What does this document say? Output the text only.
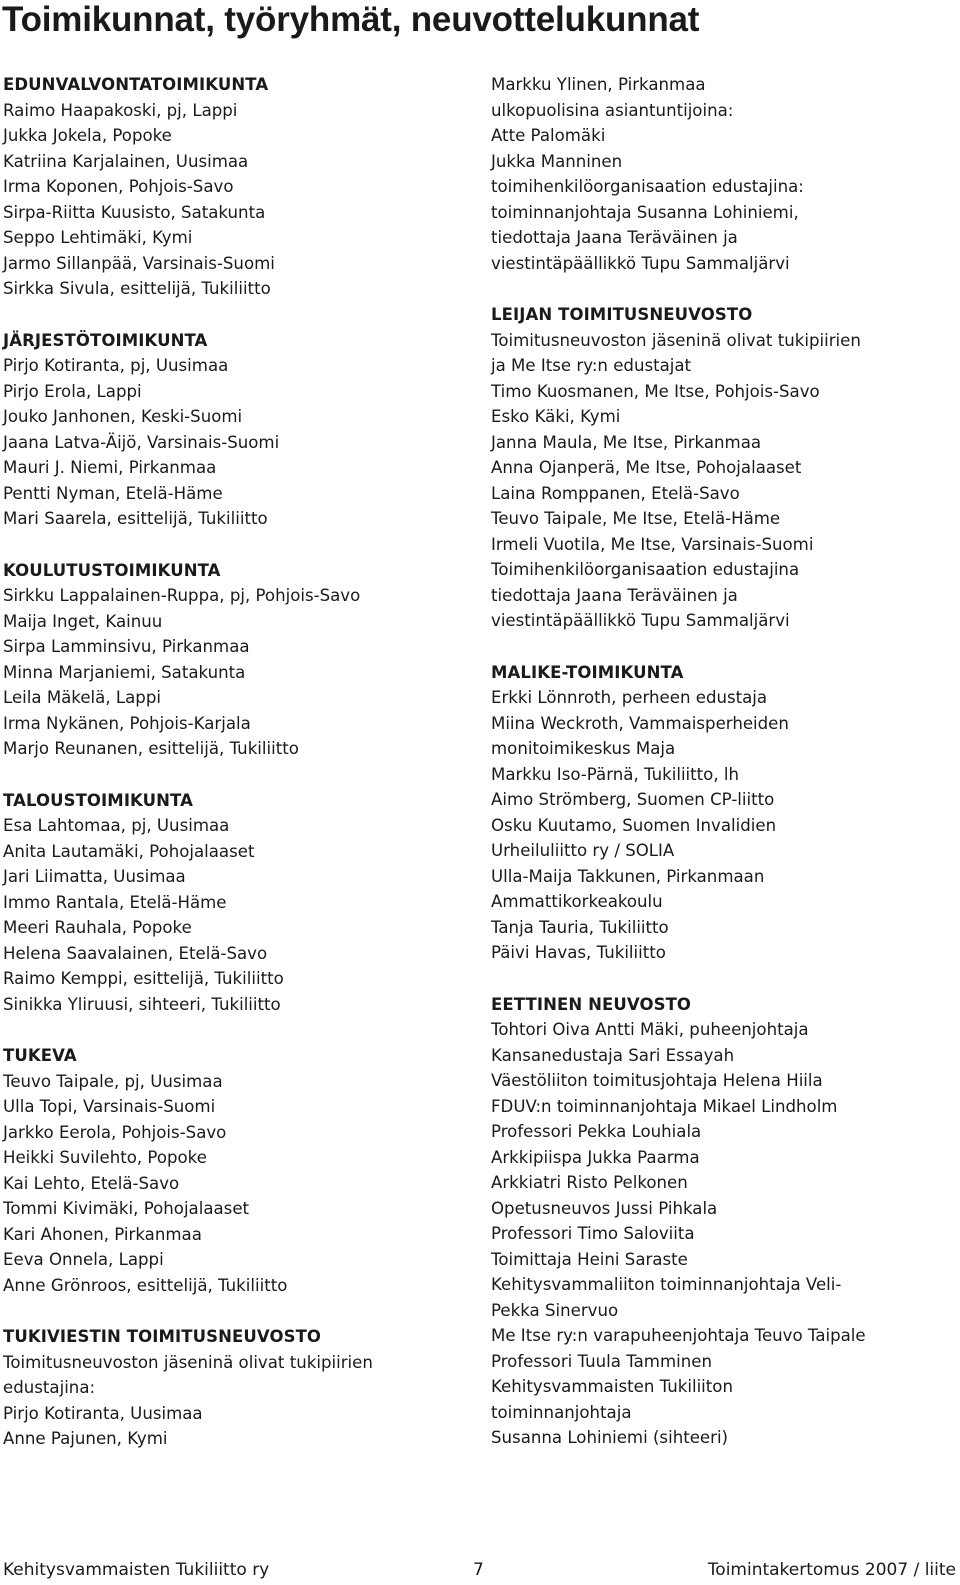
Toimikunnat, työryhmät, neuvottelukunnat
EDUNVALVONTATOIMIKUNTA
Raimo Haapakoski, pj, Lappi
Jukka Jokela, Popoke
Katriina Karjalainen, Uusimaa
Irma Koponen, Pohjois-Savo
Sirpa-Riitta Kuusisto, Satakunta
Seppo Lehtimäki, Kymi
Jarmo Sillanpää, Varsinais-Suomi
Sirkka Sivula, esittelijä, Tukiliitto
JÄRJESTÖTOIMIKUNTA
Pirjo Kotiranta, pj, Uusimaa
Pirjo Erola, Lappi
Jouko Janhonen, Keski-Suomi
Jaana Latva-Äijö, Varsinais-Suomi
Mauri J. Niemi, Pirkanmaa
Pentti Nyman, Etelä-Häme
Mari Saarela, esittelijä, Tukiliitto
KOULUTUSTOIMIKUNTA
Sirkku Lappalainen-Ruppa, pj, Pohjois-Savo
Maija Inget, Kainuu
Sirpa Lamminsivu, Pirkanmaa
Minna Marjaniemi, Satakunta
Leila Mäkelä, Lappi
Irma Nykänen, Pohjois-Karjala
Marjo Reunanen, esittelijä, Tukiliitto
TALOUSTOIMIKUNTA
Esa Lahtomaa, pj, Uusimaa
Anita Lautamäki, Pohojalaaset
Jari Liimatta, Uusimaa
Immo Rantala, Etelä-Häme
Meeri Rauhala, Popoke
Helena Saavalainen, Etelä-Savo
Raimo Kemppi, esittelijä, Tukiliitto
Sinikka Yliruusi, sihteeri, Tukiliitto
TUKEVA
Teuvo Taipale, pj, Uusimaa
Ulla Topi, Varsinais-Suomi
Jarkko Eerola, Pohjois-Savo
Heikki Suvilehto, Popoke
Kai Lehto, Etelä-Savo
Tommi Kivimäki, Pohojalaaset
Kari Ahonen, Pirkanmaa
Eeva Onnela, Lappi
Anne Grönroos, esittelijä, Tukiliitto
TUKIVIESTIN TOIMITUSNEUVOSTO
Toimitusneuvoston jäseninä olivat tukipiirien
edustajina:
Pirjo Kotiranta, Uusimaa
Anne Pajunen, Kymi
Markku Ylinen, Pirkanmaa
ulkopuolisina asiantuntijoina:
Atte Palomäki
Jukka Manninen
toimihenkilöorganisaation edustajina:
toiminnanjohtaja Susanna Lohiniemi,
tiedottaja Jaana Teräväinen ja
viestintäpäällikkö Tupu Sammaljärvi
LEIJAN TOIMITUSNEUVOSTO
Toimitusneuvoston jäseninä olivat tukipiirien
ja Me Itse ry:n edustajat
Timo Kuosmanen, Me Itse, Pohjois-Savo
Esko Käki, Kymi
Janna Maula, Me Itse, Pirkanmaa
Anna Ojanperä, Me Itse, Pohojalaaset
Laina Romppanen, Etelä-Savo
Teuvo Taipale, Me Itse, Etelä-Häme
Irmeli Vuotila, Me Itse, Varsinais-Suomi
Toimihenkilöorganisaation edustajina
tiedottaja Jaana Teräväinen ja
viestintäpäällikkö Tupu Sammaljärvi
MALIKE-TOIMIKUNTA
Erkki Lönnroth, perheen edustaja
Miina Weckroth, Vammaisperheiden
monitoimikeskus Maja
Markku Iso-Pärnä, Tukiliitto, lh
Aimo Strömberg, Suomen CP-liitto
Osku Kuutamo, Suomen Invalidien
Urheiluliitto ry / SOLIA
Ulla-Maija Takkunen, Pirkanmaan
Ammattikorkeakoulu
Tanja Tauria, Tukiliitto
Päivi Havas, Tukiliitto
EETTINEN NEUVOSTO
Tohtori Oiva Antti Mäki, puheenjohtaja
Kansanedustaja Sari Essayah
Väestöliiton toimitusjohtaja Helena Hiila
FDUV:n toiminnanjohtaja Mikael Lindholm
Professori Pekka Louhiala
Arkkipiispa Jukka Paarma
Arkkiatri Risto Pelkonen
Opetusneuvos Jussi Pihkala
Professori Timo Saloviita
Toimittaja Heini Saraste
Kehitysvammaliiton toiminnanjohtaja Veli-
Pekka Sinervuo
Me Itse ry:n varapuheenjohtaja Teuvo Taipale
Professori Tuula Tamminen
Kehitysvammaisten Tukiliiton
toiminnanjohtaja
Susanna Lohiniemi (sihteeri)
Kehitysvammaisten Tukiliitto ry	7	Toimintakertomus 2007 / liite
